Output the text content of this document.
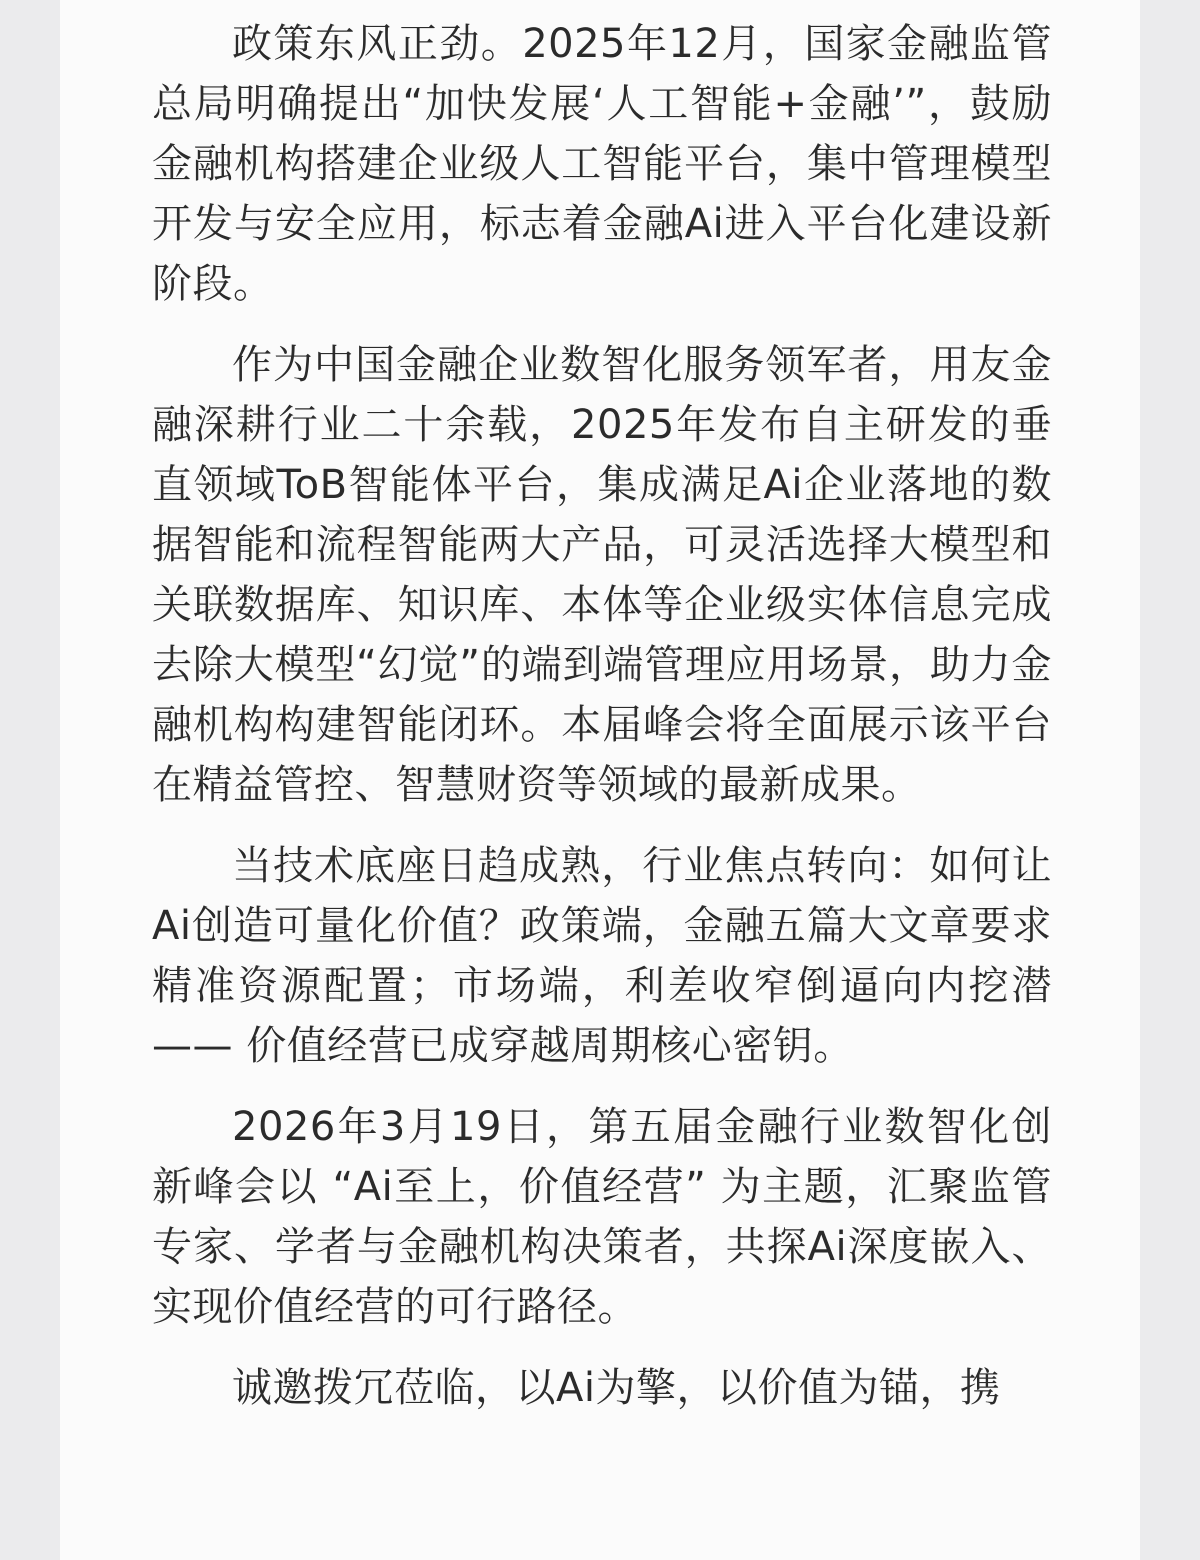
政策东风正劲。2025年12月，国家金融监管总局明确提出“加快发展‘人工智能+金融’”，鼓励金融机构搭建企业级人工智能平台，集中管理模型开发与安全应用，标志着金融Ai进入平台化建设新阶段。

作为中国金融企业数智化服务领军者，用友金融深耕行业二十余载，2025年发布自主研发的垂直领域ToB智能体平台，集成满足Ai企业落地的数据智能和流程智能两大产品，可灵活选择大模型和关联数据库、知识库、本体等企业级实体信息完成去除大模型“幻觉”的端到端管理应用场景，助力金融机构构建智能闭环。本届峰会将全面展示该平台在精益管控、智慧财资等领域的最新成果。

当技术底座日趋成熟，行业焦点转向：如何让Ai创造可量化价值？政策端，金融五篇大文章要求精准资源配置；市场端，利差收窄倒逼向内挖潜 —— 价值经营已成穿越周期核心密钥。

2026年3月19日，第五届金融行业数智化创新峰会以 “Ai至上，价值经营” 为主题，汇聚监管专家、学者与金融机构决策者，共探Ai深度嵌入、实现价值经营的可行路径。

诚邀拨冗莅临，以Ai为擎，以价值为锚，携
